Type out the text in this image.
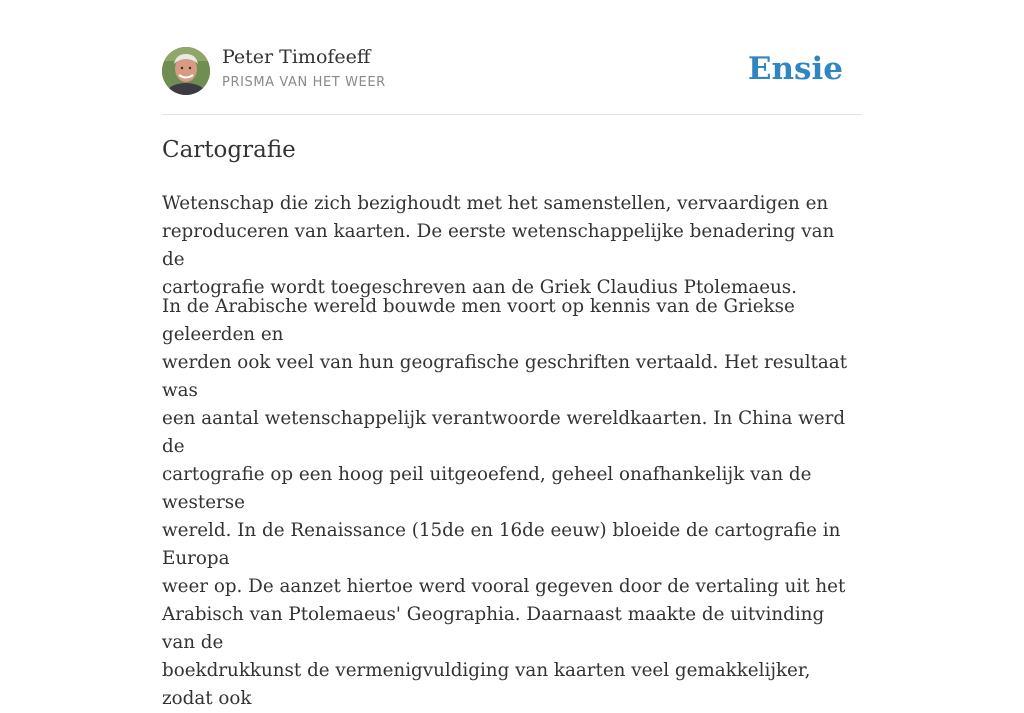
Peter Timofeeff
PRISMA VAN HET WEER	Ensie
Cartografie

Wetenschap die zich bezighoudt met het samenstellen, vervaardigen en
reproduceren van kaarten. De eerste wetenschappelijke benadering van de
cartografie wordt toegeschreven aan de Griek Claudius Ptolemaeus.

In de Arabische wereld bouwde men voort op kennis van de Griekse geleerden en
werden ook veel van hun geografische geschriften vertaald. Het resultaat was
een aantal wetenschappelijk verantwoorde wereldkaarten. In China werd de
cartografie op een hoog peil uitgeoefend, geheel onafhankelijk van de westerse
wereld. In de Renaissance (15de en 16de eeuw) bloeide de cartografie in Europa
weer op. De aanzet hiertoe werd vooral gegeven door de vertaling uit het
Arabisch van Ptolemaeus' Geographia. Daarnaast maakte de uitvinding van de
boekdrukkunst de vermenigvuldiging van kaarten veel gemakkelijker, zodat ook
